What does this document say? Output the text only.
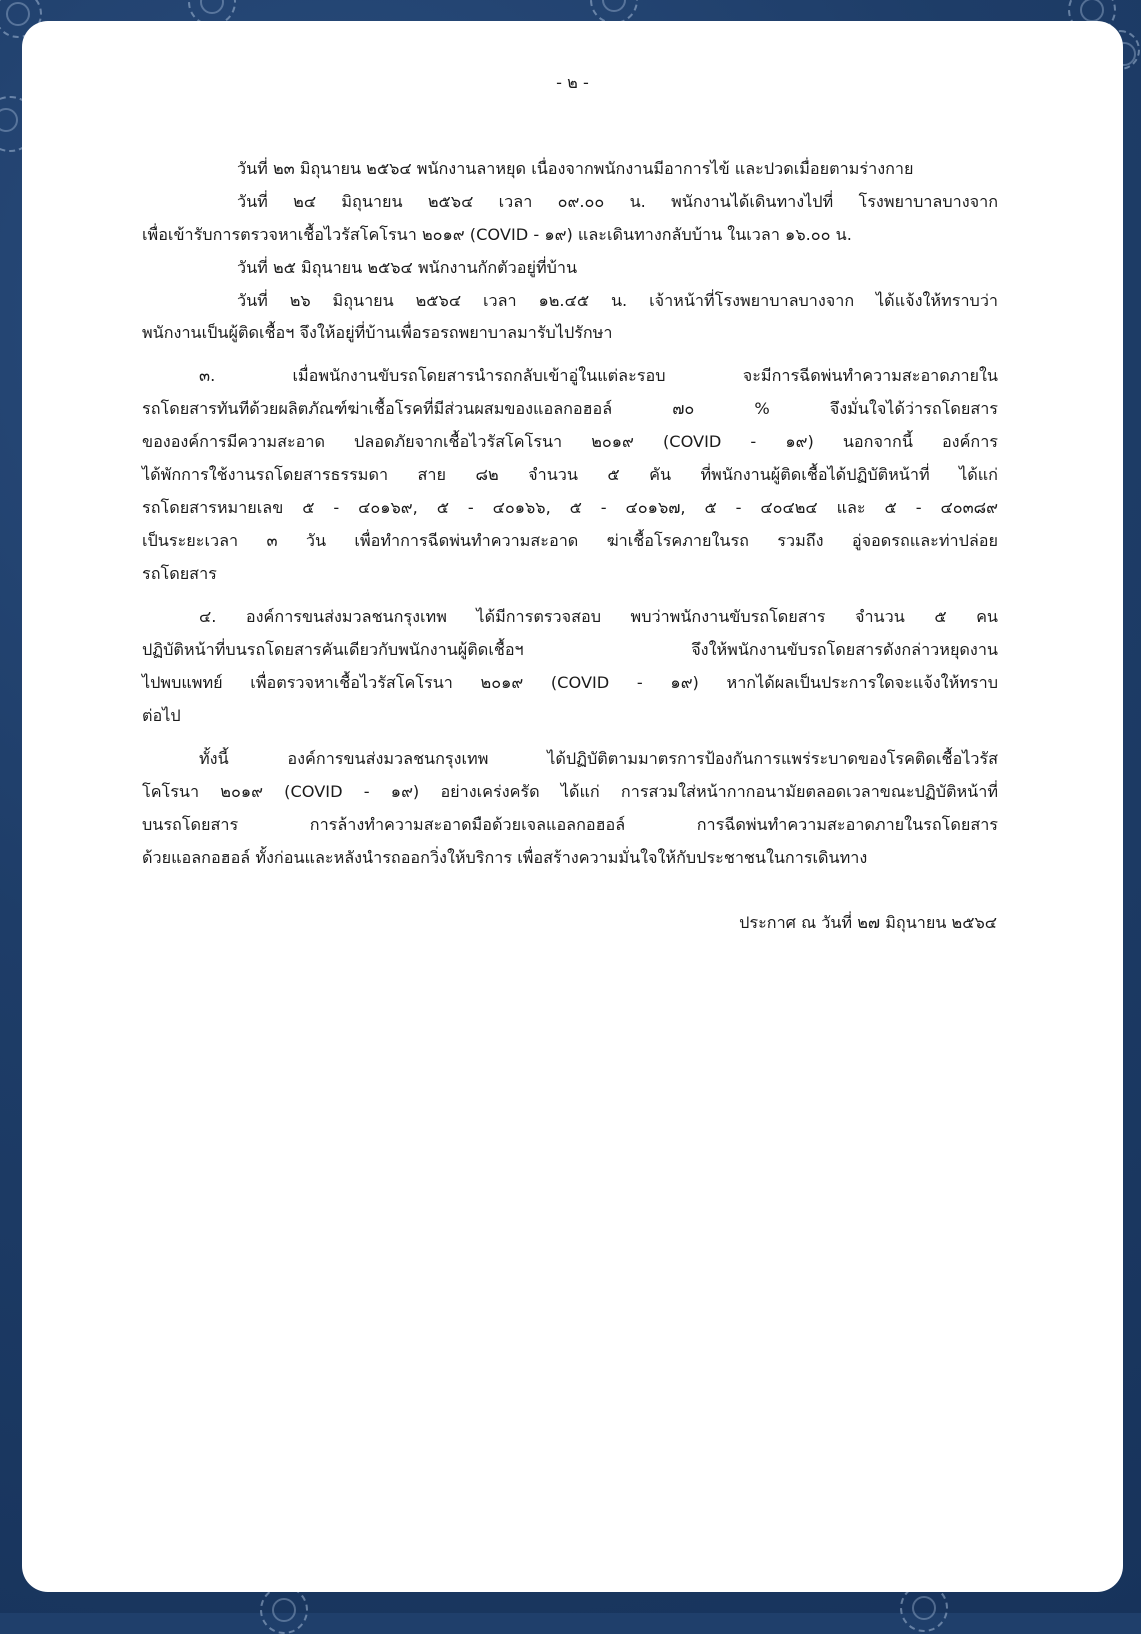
- ๒ -

วันที่ ๒๓ มิถุนายน ๒๕๖๔ พนักงานลาหยุด เนื่องจากพนักงานมีอาการไข้ และปวดเมื่อยตามร่างกาย

วันที่ ๒๔ มิถุนายน ๒๕๖๔ เวลา ๐๙.๐๐ น. พนักงานได้เดินทางไปที่ โรงพยาบาลบางจาก

เพื่อเข้ารับการตรวจหาเชื้อไวรัสโคโรนา ๒๐๑๙ (COVID - ๑๙) และเดินทางกลับบ้าน ในเวลา ๑๖.๐๐ น.

วันที่ ๒๕ มิถุนายน ๒๕๖๔ พนักงานกักตัวอยู่ที่บ้าน

วันที่ ๒๖ มิถุนายน ๒๕๖๔ เวลา ๑๒.๔๕ น. เจ้าหน้าที่โรงพยาบาลบางจาก ได้แจ้งให้ทราบว่า

พนักงานเป็นผู้ติดเชื้อฯ จึงให้อยู่ที่บ้านเพื่อรอรถพยาบาลมารับไปรักษา

๓. เมื่อพนักงานขับรถโดยสารนำรถกลับเข้าอู่ในแต่ละรอบ จะมีการฉีดพ่นทำความสะอาดภายใน

รถโดยสารทันทีด้วยผลิตภัณฑ์ฆ่าเชื้อโรคที่มีส่วนผสมของแอลกอฮอล์ ๗๐ % จึงมั่นใจได้ว่ารถโดยสาร

ขององค์การมีความสะอาด ปลอดภัยจากเชื้อไวรัสโคโรนา ๒๐๑๙ (COVID - ๑๙) นอกจากนี้ องค์การ

ได้พักการใช้งานรถโดยสารธรรมดา สาย ๘๒ จำนวน ๕ คัน ที่พนักงานผู้ติดเชื้อได้ปฏิบัติหน้าที่ ได้แก่

รถโดยสารหมายเลข ๕ - ๔๐๑๖๙, ๕ - ๔๐๑๖๖, ๕ - ๔๐๑๖๗, ๕ - ๔๐๔๒๔ และ ๕ - ๔๐๓๘๙

เป็นระยะเวลา ๓ วัน เพื่อทำการฉีดพ่นทำความสะอาด ฆ่าเชื้อโรคภายในรถ รวมถึง อู่จอดรถและท่าปล่อย

รถโดยสาร

๔. องค์การขนส่งมวลชนกรุงเทพ ได้มีการตรวจสอบ พบว่าพนักงานขับรถโดยสาร จำนวน ๕ คน

ปฏิบัติหน้าที่บนรถโดยสารคันเดียวกับพนักงานผู้ติดเชื้อฯ จึงให้พนักงานขับรถโดยสารดังกล่าวหยุดงาน

ไปพบแพทย์ เพื่อตรวจหาเชื้อไวรัสโคโรนา ๒๐๑๙ (COVID - ๑๙) หากได้ผลเป็นประการใดจะแจ้งให้ทราบ

ต่อไป

ทั้งนี้ องค์การขนส่งมวลชนกรุงเทพ ได้ปฏิบัติตามมาตรการป้องกันการแพร่ระบาดของโรคติดเชื้อไวรัส

โคโรนา ๒๐๑๙ (COVID - ๑๙) อย่างเคร่งครัด ได้แก่ การสวมใส่หน้ากากอนามัยตลอดเวลาขณะปฏิบัติหน้าที่

บนรถโดยสาร การล้างทำความสะอาดมือด้วยเจลแอลกอฮอล์ การฉีดพ่นทำความสะอาดภายในรถโดยสาร

ด้วยแอลกอฮอล์ ทั้งก่อนและหลังนำรถออกวิ่งให้บริการ เพื่อสร้างความมั่นใจให้กับประชาชนในการเดินทาง

ประกาศ ณ วันที่ ๒๗ มิถุนายน ๒๕๖๔
